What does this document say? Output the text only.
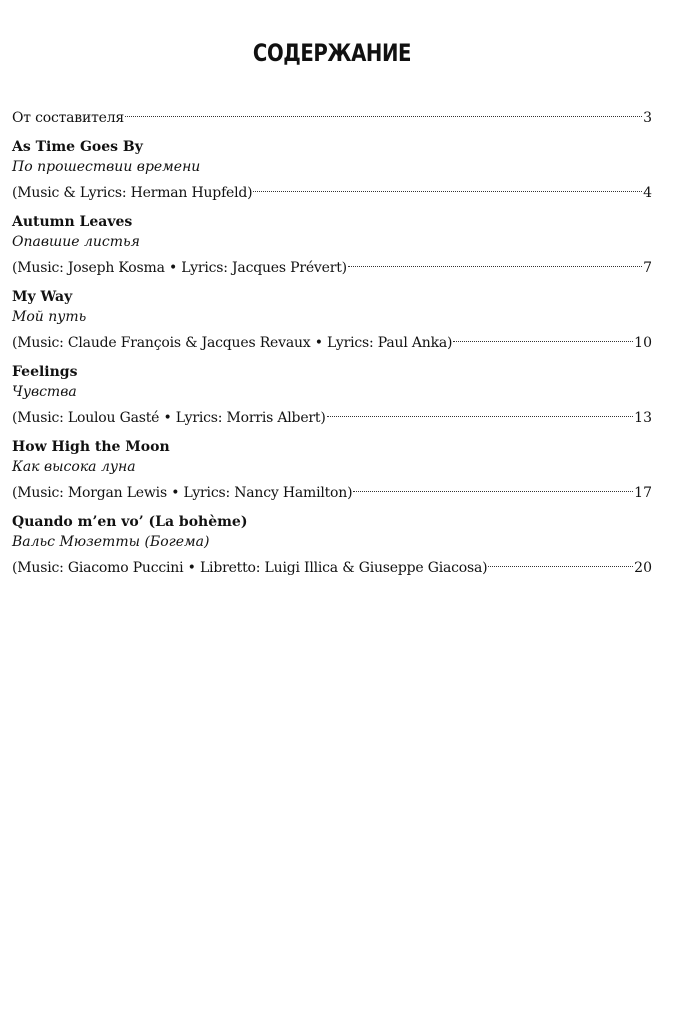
СОДЕРЖАНИЕ
От составителя	3
As Time Goes By
По прошествии времени
(Music & Lyrics: Herman Hupfeld)	4
Autumn Leaves
Опавшие листья
(Music: Joseph Kosma • Lyrics: Jacques Prévert)	7
My Way
Мой путь
(Music: Claude François & Jacques Revaux • Lyrics: Paul Anka)	10
Feelings
Чувства
(Music: Loulou Gasté • Lyrics: Morris Albert)	13
How High the Moon
Как высока луна
(Music: Morgan Lewis • Lyrics: Nancy Hamilton)	17
Quando m’en vo’ (La bohème)
Вальс Мюзетты (Богема)
(Music: Giacomo Puccini • Libretto: Luigi Illica & Giuseppe Giacosa)	20
